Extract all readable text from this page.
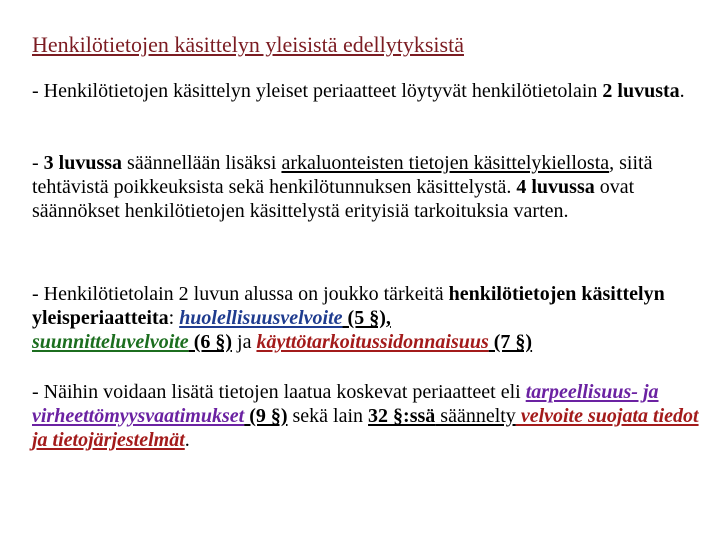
Henkilötietojen käsittelyn yleisistä edellytyksistä

- Henkilötietojen käsittelyn yleiset periaatteet löytyvät henkilötietolain 2 luvusta.

- 3 luvussa säännellään lisäksi arkaluonteisten tietojen käsittelykiellosta, siitä tehtävistä poikkeuksista sekä henkilötunnuksen käsittelystä. 4 luvussa ovat säännökset henkilötietojen käsittelystä erityisiä tarkoituksia varten.

- Henkilötietolain 2 luvun alussa on joukko tärkeitä henkilötietojen käsittelyn yleisperiaatteita: huolellisuusvelvoite (5 §),
suunnitteluvelvoite (6 §) ja käyttötarkoitussidonnaisuus (7 §)

- Näihin voidaan lisätä tietojen laatua koskevat periaatteet eli tarpeellisuus- ja virheettömyysvaatimukset (9 §) sekä lain 32 §:ssä säännelty velvoite suojata tiedot ja tietojärjestelmät.
